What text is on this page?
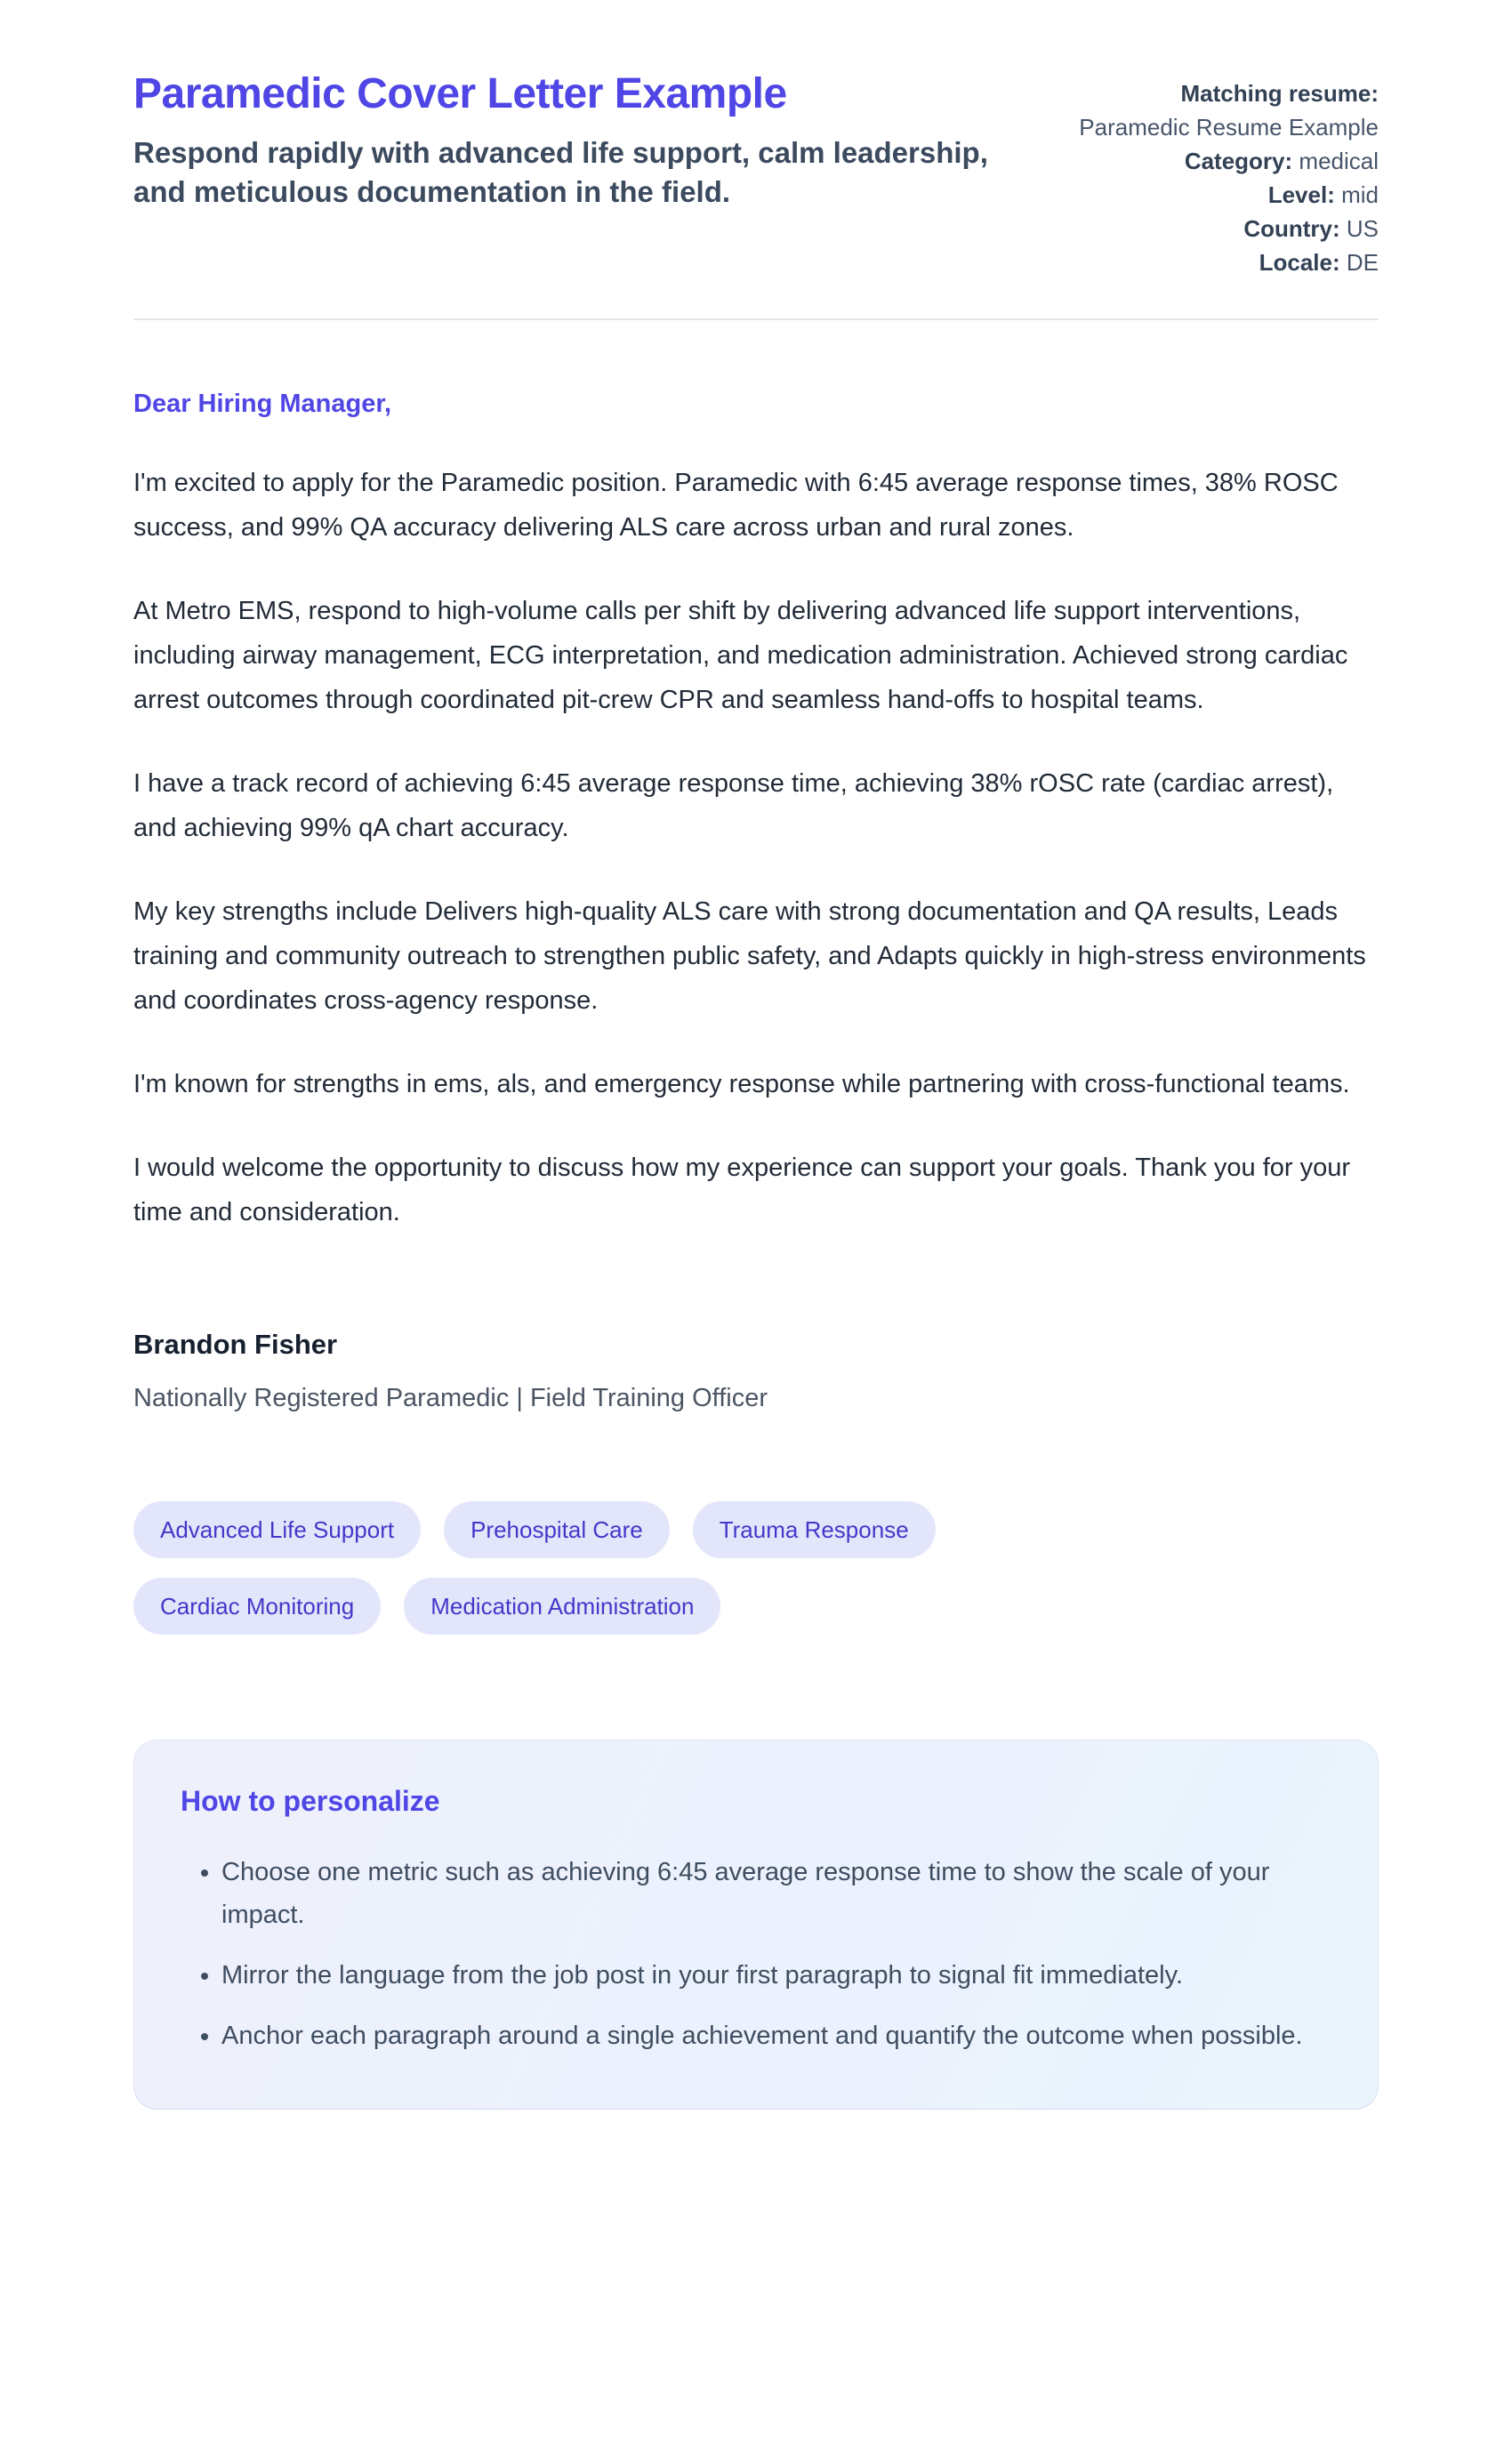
Paramedic Cover Letter Example

Respond rapidly with advanced life support, calm leadership, and meticulous documentation in the field.

Matching resume: Paramedic Resume Example

Category: medical

Level: mid

Country: US

Locale: DE

Dear Hiring Manager,

I'm excited to apply for the Paramedic position. Paramedic with 6:45 average response times, 38% ROSC success, and 99% QA accuracy delivering ALS care across urban and rural zones.

At Metro EMS, respond to high-volume calls per shift by delivering advanced life support interventions, including airway management, ECG interpretation, and medication administration. Achieved strong cardiac arrest outcomes through coordinated pit-crew CPR and seamless hand-offs to hospital teams.

I have a track record of achieving 6:45 average response time, achieving 38% rOSC rate (cardiac arrest), and achieving 99% qA chart accuracy.

My key strengths include Delivers high-quality ALS care with strong documentation and QA results, Leads training and community outreach to strengthen public safety, and Adapts quickly in high-stress environments and coordinates cross-agency response.

I'm known for strengths in ems, als, and emergency response while partnering with cross-functional teams.

I would welcome the opportunity to discuss how my experience can support your goals. Thank you for your time and consideration.

Brandon Fisher

Nationally Registered Paramedic | Field Training Officer

Advanced Life Support	Prehospital Care	Trauma Response
Cardiac Monitoring	Medication Administration
How to personalize
• Choose one metric such as achieving 6:45 average response time to show the scale of your impact.
• Mirror the language from the job post in your first paragraph to signal fit immediately.
• Anchor each paragraph around a single achievement and quantify the outcome when possible.
